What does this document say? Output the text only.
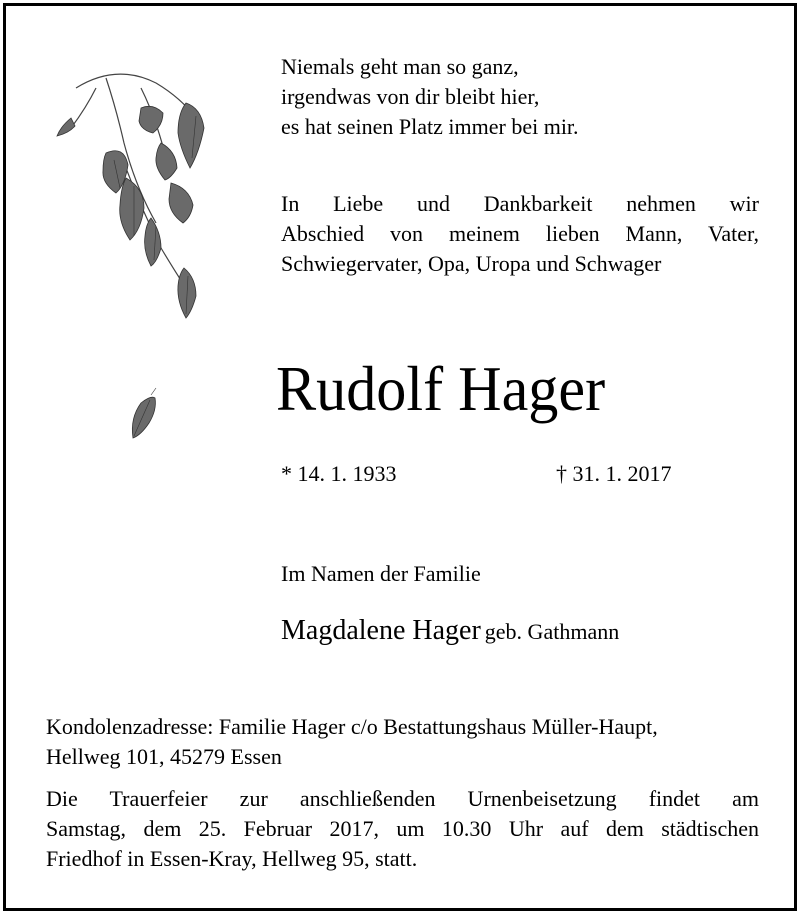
Niemals geht man so ganz,
irgendwas von dir bleibt hier,
es hat seinen Platz immer bei mir.
In Liebe und Dankbarkeit nehmen wir
Abschied von meinem lieben Mann, Vater,
Schwiegervater, Opa, Uropa und Schwager
Rudolf Hager
* 14. 1. 1933	† 31. 1. 2017
Im Namen der Familie
Magdalene Hager geb. Gathmann
Kondolenzadresse: Familie Hager c/o Bestattungshaus Müller-Haupt,
Hellweg 101, 45279 Essen
Die Trauerfeier zur anschließenden Urnenbeisetzung findet am
Samstag, dem 25. Februar 2017, um 10.30 Uhr auf dem städtischen
Friedhof in Essen-Kray, Hellweg 95, statt.
